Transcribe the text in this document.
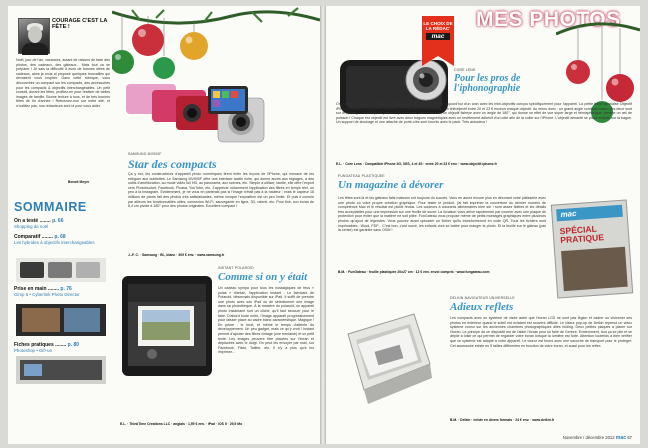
COURAGE C'EST LA FÊTE !
Noël, jour de l'an, vacances, autant de raisons de faire des photos, des cadeaux, des gâteaux... Mais tout va se préparer ! Je sais la difficulté à avoir de bonnes idées de cadeaux, alors je vous ai proposé quelques trouvailles qui devraient vous inspirer. Dans cette rubrique, vous découvrirez un compact sur les compacts, des accessoires pour les compacts & objectifs interchangeables. Un petit conseil, durant les fêtes, profitez-en pour réaliser de belles images de famille. Bonne lecture à tous, et de très bonnes fêtes de fin d'année ! Retrouvez-moi sur notre site, et n'oubliez pas, nos rédacteurs sont là pour vous aider.
Benoît Meyer
SAMSUNG MV900F
Star des compacts
Ça y est, les constructeurs d'appareil photo numériques tirent enfin les leçons de l'iPhone, qui menace de les reléguer aux oubliettes. Le Samsung MV900F offre une interface tactile riche, qui donne accès aux réglages, à des outils d'amélioration, au mode vidéo full HD, au panorama, aux scènes, etc. Simple à utiliser, tactile, elle offre l'export vers Photobucket, Facebook, Picasa, YouTube, etc. J'apprécie notamment l'application des filtres en temps réel, un peu à la Instagram. Evidemment, je ne vous en parlerais pas si l'image n'était pas à la hauteur ; mais le capteur 16 millions de pixels fait des photos très satisfaisantes, même lorsque l'exposition est un peu limite. Et puis il cumule par ailleurs les fonctionnalités utiles, connexion Wi-Fi, sauvegarde en ligne, 3D, ralenti, etc. Pour finir, son écran de 8,4 cm pivote à 180° pour des photos originales. Excellent compact !
J.-F. C. · Samsung · Bl., blanc · 309 € env. · www.samsung.fr
SOMMAIRE
On a testé ........ p. 66
Shopping de noël
Comparatif ........ p. 68
Les hybrides à objectifs interchangeables
Prise en main ........ p. 76
Gimp 6 • Cyberlink Photo Director
Fiches pratiques ........ p. 80
Photoshop • Gif+un
INSTANT POLAROID
Comme si on y était
Un cadeau sympa pour tous les nostalgiques de feus « polas » d'antan, l'application Instant : Le fabricant de Polaroid, désormais disponible sur iPad. Il suffit de prendre une photo avec son iPad ou de sélectionner une image dans sa photothèque. À la manière du polaroid, un appareil photo instantané sort un cliché, qu'il faut secouer pour le faire. D'abord toute noire, l'image apparaît progressivement pour laisser place au cadre blanc caractéristique. Magique ! En prime : le bruit, et même le temps d'attente du développement. Un peu gadget, mais ce qu'y croit ! Instant permet d'ajouter des filtres vintage (une trentaine) et un petit texte. Les images peuvent être placées sur l'écran et déplacées avec le doigt. On peut les envoyer par mail, sur Facebook, Flickr, Twitter, etc. Il n'y a plus qu'à les imprimer...
E.L. · ThinkTime Creations LLC · anglais · 1,59 € env. · iPad · iOS 5 · 29,5 Mo
MES PHOTOS
LE CHOIX DE LA RÉDAC'
mac
CORE LENS
Pour les pros de l'iphonographie
On pouvait déjà réaliser de belles images avec l'iPhone, on montre aujourd'hui d'un cran avec les mini-objectifs conçus spécifiquement pour l'appareil. La petite boîte lyonnaise Objectif iPhone propose un chouette compact aux propriétés intéressantes : un téléobjectif entre 20 et 23 € environ chaque objectif. Au menu donc : un grand angle combiné macro (les deux sont sur le même), un téléobjectif (zoom x2) ou encore, très tendance, un objectif fisheye avec un angle de 180°, qui donne un effet de vue super large et hémisphérique, comme un œil de poisson ! Chaque est objectif est livré avec deux bagues magnétiques avec un revêtement adhésif d'un côté afin de la coller sur l'iPhone. L'objectif aimanté se place ensuite sur la bague. Un support de stockage et une attache de porte-clés sont fournis avec le pack. Très astucieux !
E.L. · Core Lens · Compatible iPhone 3G, 3GS, 4 et 4S · entre 20 et 23 € env. · www.objectif-iphone.fr
FUNGATEAU PLASTIQUEE
Un magazine à dévorer
Les fêtes sont là et les gâteaux fatis maisons ont toujours du succès. Vous en aurez encore plus en décorant votre pâtisserie avec une photo ou votre propre création graphique. Pour tester le produit, j'ai fait imprimer la couverture du dernier numéro de compétence Mac et le résultat est plutôt réussi. Les couleurs à colorants alimentaires bien sûr ! sont assez fidèles et les détails tres acceptables pour une impression sur une feuille de sucre. La livraison vous arrive rapidement par courrier avec une plaque de protection pour éviter que la matière ne soit pliée. FunGateau vous propose même de petits montages graphiques entre plusieurs photos qu'ajout de légendes. Vous pouvez aussi uploader un fichier qu'ils transformeront en code QR. Tous les fichiers sont imprimables : Word, PDF... C'est bon, c'est sucré, les enfants vont se battre pour manger la photo. Et la feuille sur le gâteau (pas la cerise) est garantie sans OGM !
B.M. · FunGateau · feuille plastiquée 20x27 cm · 12 € env. envoi compris · www.fungateau.com
mac
SPÉCIAL PRATIQUE
DELKIN NAVIGATEUR UNIVERSELLE
Adieux reflets
Les compacts avec un système de visée autre que l'écran LCD ne sont pas légion et cadrer ou visionner ses photos en extérieur quand le soleil est éclatant est souvent difficile. Le viseur pop-up de Delkin reprend un vieux système connu sur les anciennes chambres photographiques dites folding. Deux petites plaques à placer sur l'écran. Le principe de ce dispositif est de l'aider l'écran pour lui faire de l'ombre. Evidemment, tout ça se plie et se déplie à loisir ce qui permet de regarder votre écran lorsque la lumière est forte. Attention toutefois à bien vérifier que ce système est adapté à votre appareil. Le viseur est fourni avec une sacoche de transport pour le protéger. Cet accessoire existe en 5 tailles différentes en fonction de votre écran, et aussi pour les reflex.
B.M. · Delkin · existe en divers formats · 24 € env. · www.delkin.fr
Novembre / décembre 2012 mac 67
